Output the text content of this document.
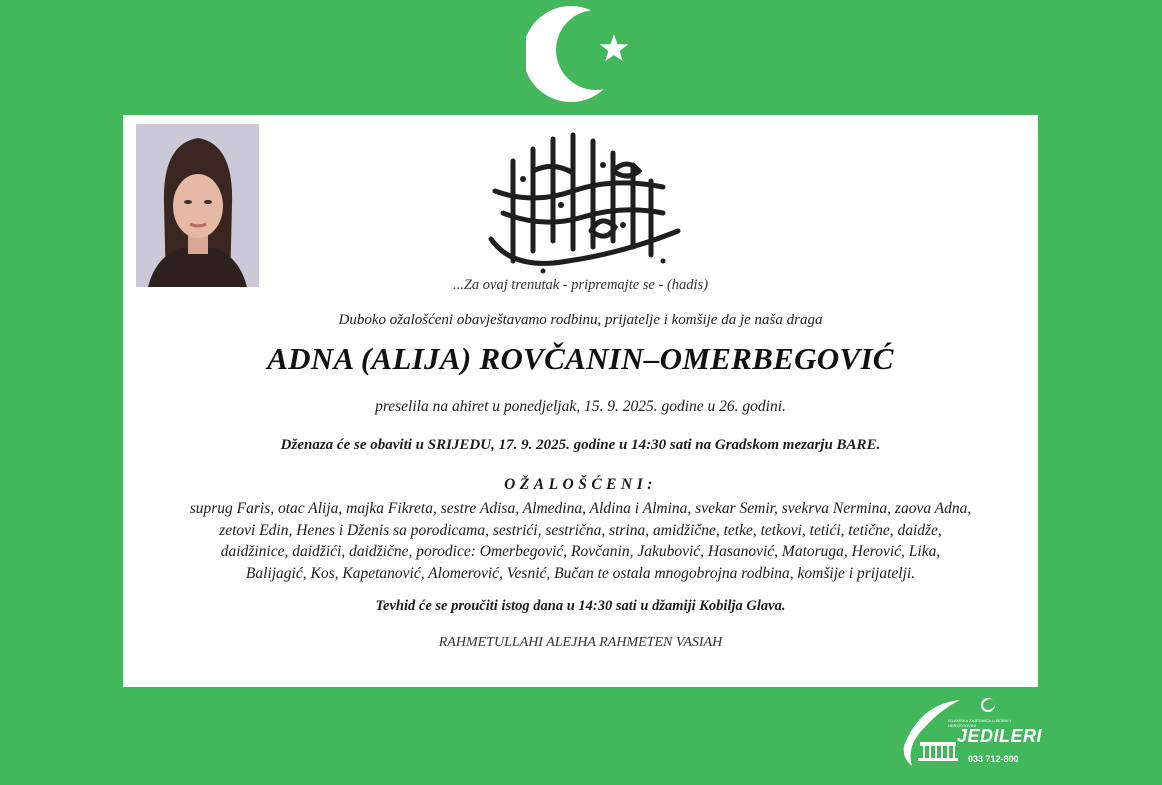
...Za ovaj trenutak - pripremajte se - (hadis)
Duboko ožalošćeni obavještavamo rodbinu, prijatelje i komšije da je naša draga
ADNA (ALIJA) ROVČANIN–OMERBEGOVIĆ
preselila na ahiret u ponedjeljak, 15. 9. 2025. godine u 26. godini.
Dženaza će se obaviti u SRIJEDU, 17. 9. 2025. godine u 14:30 sati na Gradskom mezarju BARE.
OŽALOŠĆENI:
suprug Faris, otac Alija, majka Fikreta, sestre Adisa, Almedina, Aldina i Almina, svekar Semir, svekrva Nermina, zaova Adna,
zetovi Edin, Henes i Dženis sa porodicama, sestrići, sestrična, strina, amidžične, tetke, tetkovi, tetići, tetične, daidže,
daidžinice, daidžići, daidžične, porodice: Omerbegović, Rovčanin, Jakubović, Hasanović, Matoruga, Herović, Lika,
Balijagić, Kos, Kapetanović, Alomerović, Vesnić, Bučan te ostala mnogobrojna rodbina, komšije i prijatelji.
Tevhid će se proučiti istog dana u 14:30 sati u džamiji Kobilja Glava.
RAHMETULLAHI ALEJHA RAHMETEN VASIAH
ISLAMSKA ZAJEDNICA U BOSNI I HERCEGOVINI
JEDILERI
033 712-800
